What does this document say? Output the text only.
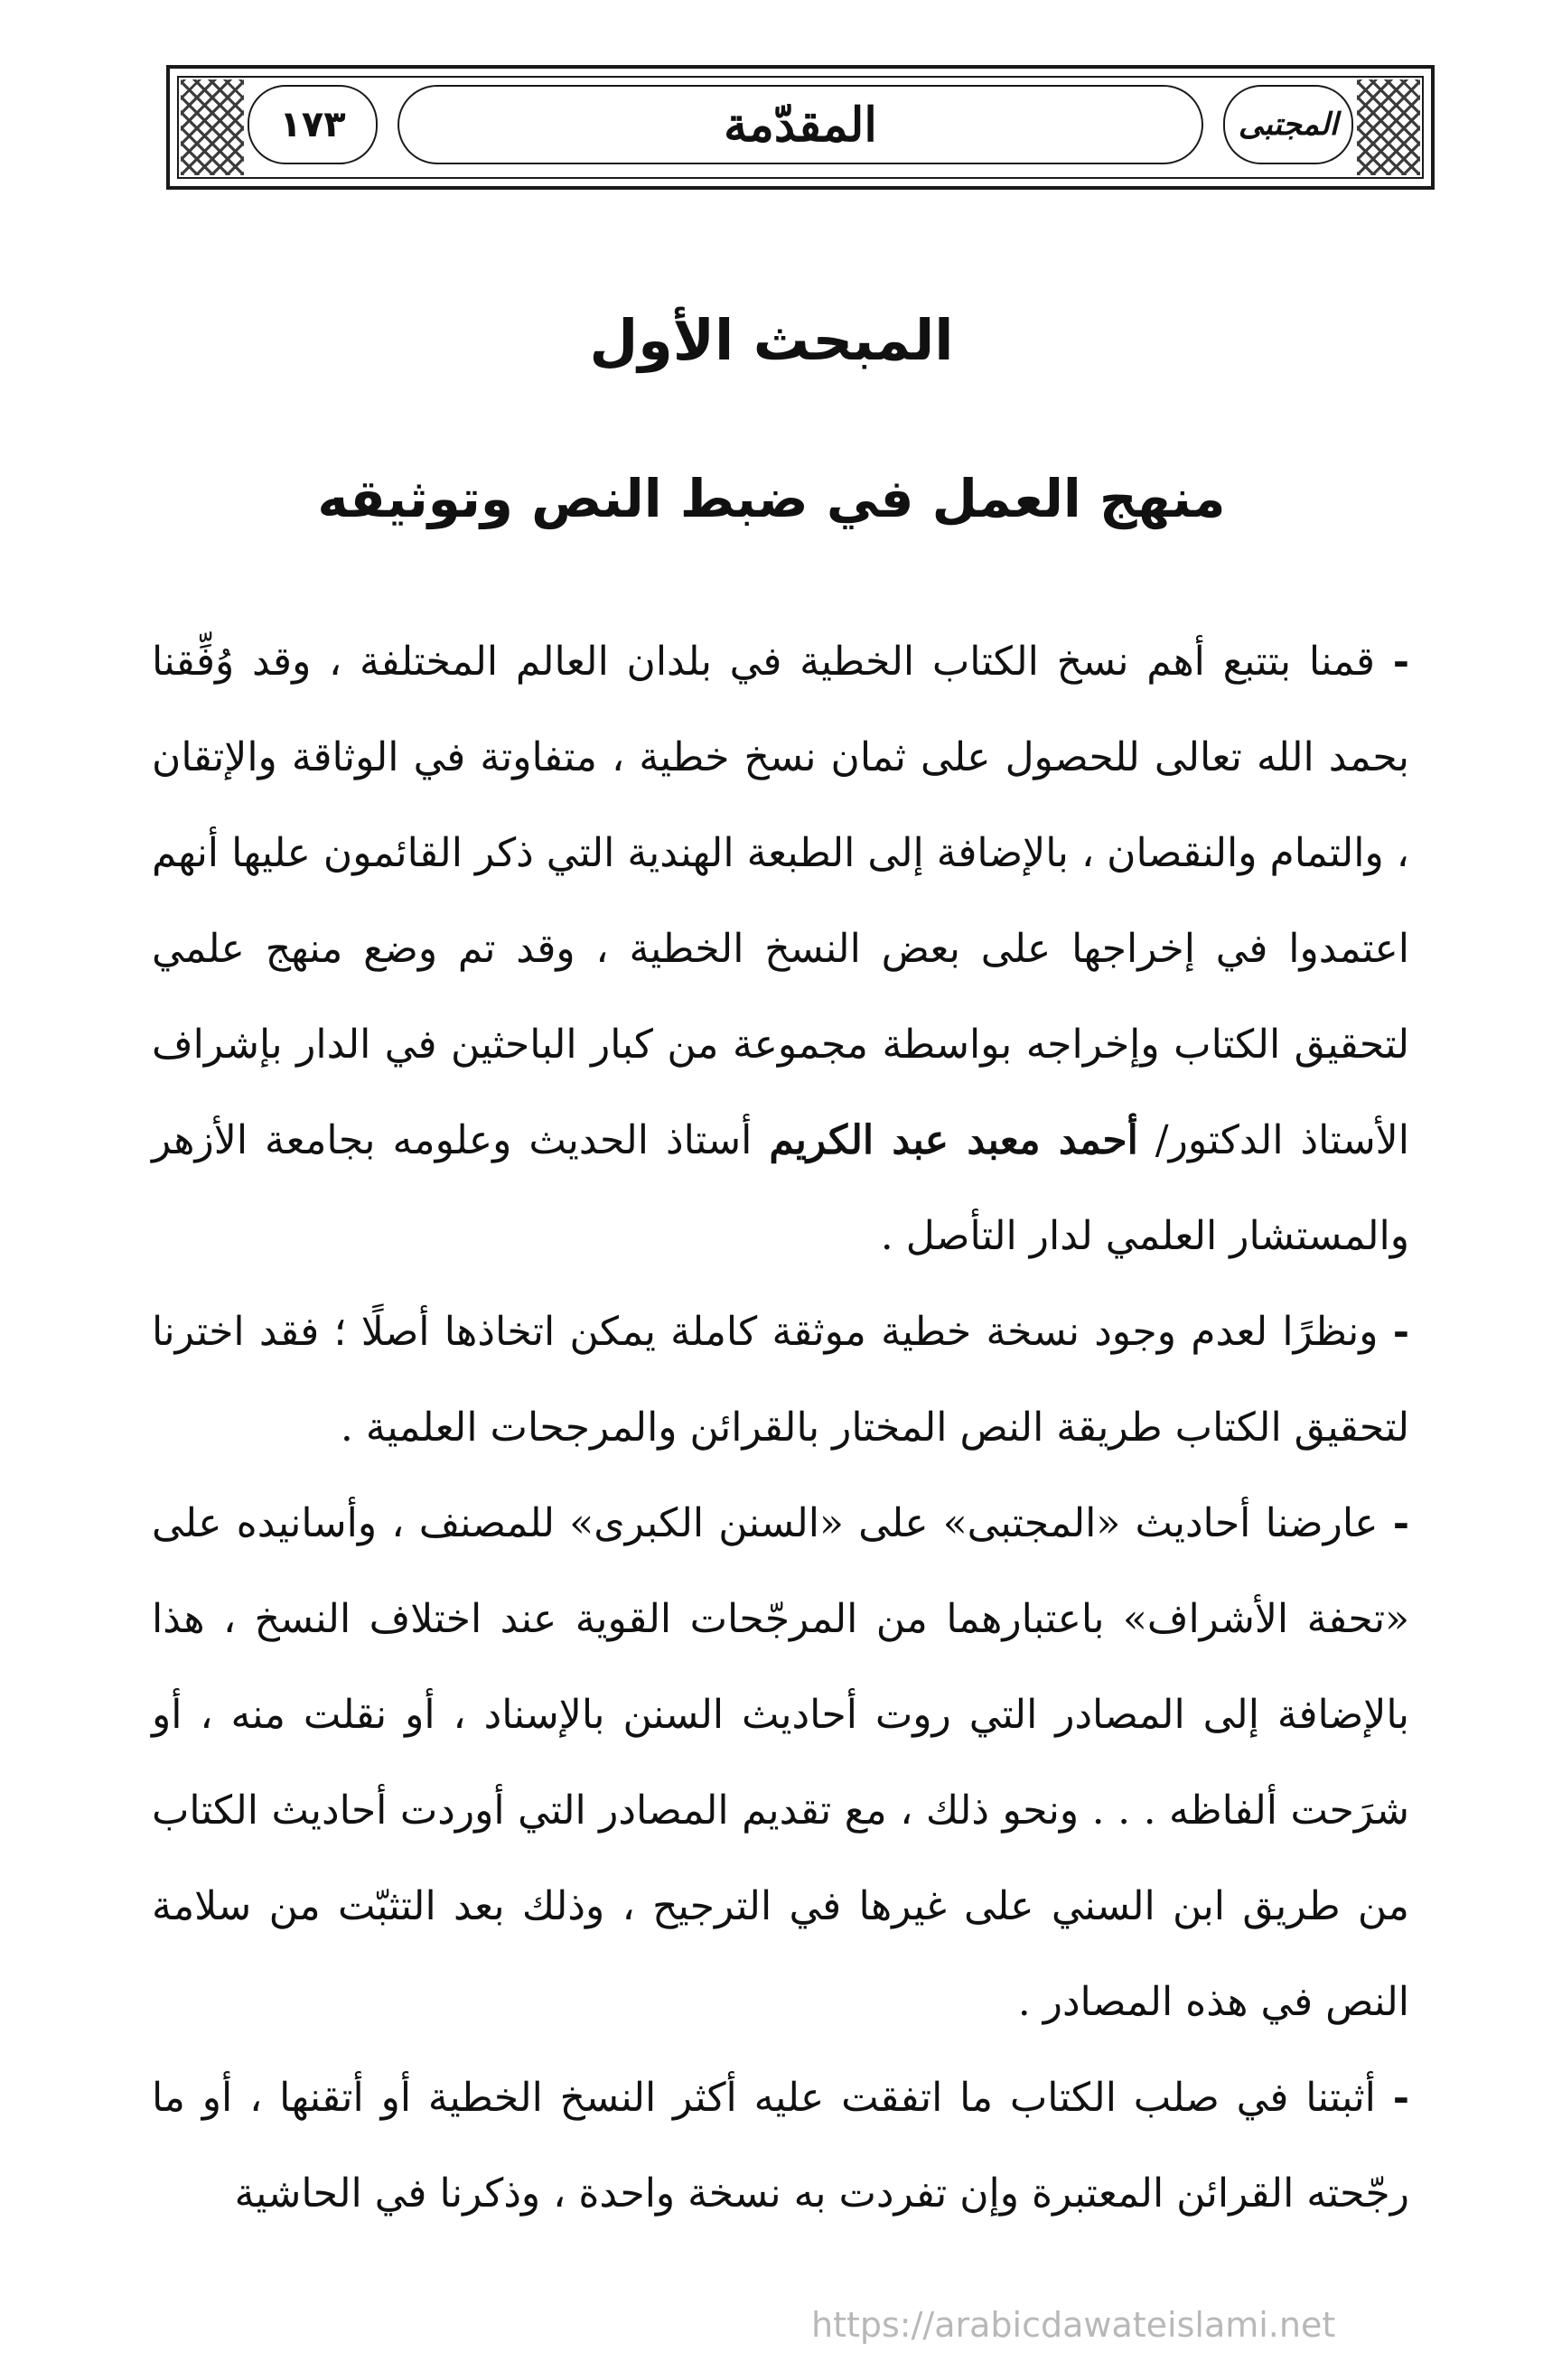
١٧٣	المقدّمة	المجتبى
المبحث الأول
منهج العمل في ضبط النص وتوثيقه

- قمنا بتتبع أهم نسخ الكتاب الخطية في بلدان العالم المختلفة ، وقد وُفِّقنا بحمد الله تعالى للحصول على ثمان نسخ خطية ، متفاوتة في الوثاقة والإتقان ، والتمام والنقصان ، بالإضافة إلى الطبعة الهندية التي ذكر القائمون عليها أنهم اعتمدوا في إخراجها على بعض النسخ الخطية ، وقد تم وضع منهج علمي لتحقيق الكتاب وإخراجه بواسطة مجموعة من كبار الباحثين في الدار بإشراف الأستاذ الدكتور/ أحمد معبد عبد الكريم أستاذ الحديث وعلومه بجامعة الأزهر والمستشار العلمي لدار التأصل .

- ونظرًا لعدم وجود نسخة خطية موثقة كاملة يمكن اتخاذها أصلًا ؛ فقد اخترنا لتحقيق الكتاب طريقة النص المختار بالقرائن والمرجحات العلمية .

- عارضنا أحاديث «المجتبى» على «السنن الكبرى» للمصنف ، وأسانيده على «تحفة الأشراف» باعتبارهما من المرجّحات القوية عند اختلاف النسخ ، هذا بالإضافة إلى المصادر التي روت أحاديث السنن بالإسناد ، أو نقلت منه ، أو شرَحت ألفاظه . . . ونحو ذلك ، مع تقديم المصادر التي أوردت أحاديث الكتاب من طريق ابن السني على غيرها في الترجيح ، وذلك بعد التثبّت من سلامة النص في هذه المصادر .

- أثبتنا في صلب الكتاب ما اتفقت عليه أكثر النسخ الخطية أو أتقنها ، أو ما رجّحته القرائن المعتبرة وإن تفردت به نسخة واحدة ، وذكرنا في الحاشية

https://arabicdawateislami.net
